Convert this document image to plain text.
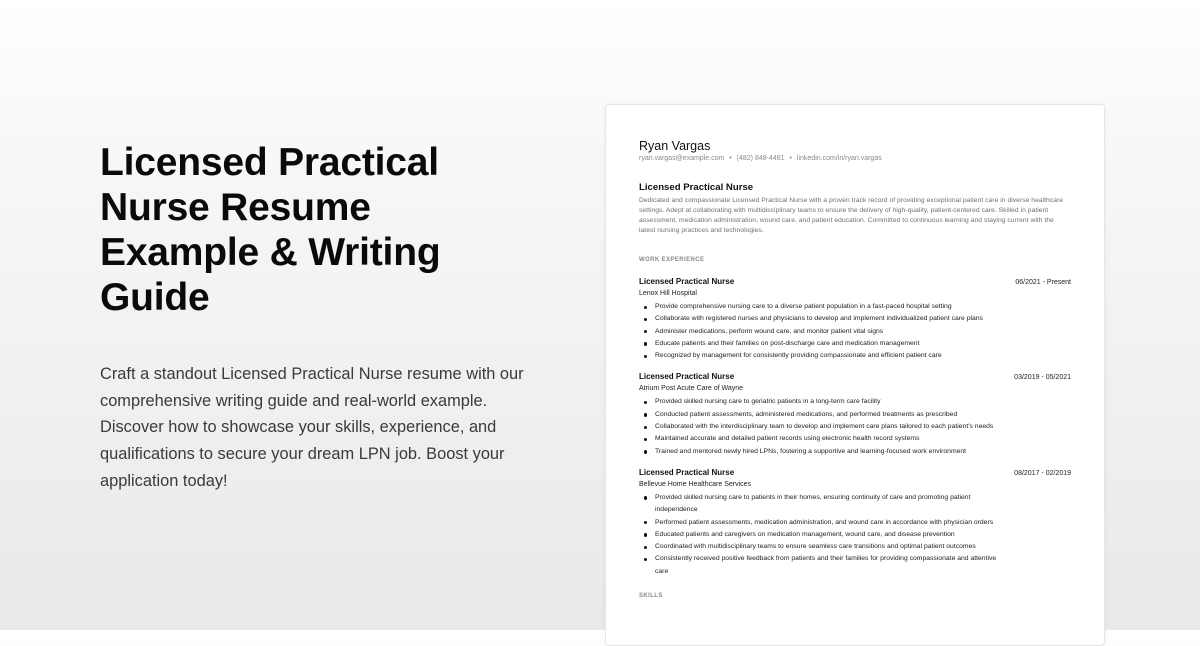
Licensed Practical Nurse Resume Example & Writing Guide

Craft a standout Licensed Practical Nurse resume with our comprehensive writing guide and real-world example. Discover how to showcase your skills, experience, and qualifications to secure your dream LPN job. Boost your application today!

Ryan Vargas
ryan.vargas@example.com • (482) 848-4481 • linkedin.com/in/ryan.vargas
Licensed Practical Nurse
Dedicated and compassionate Licensed Practical Nurse with a proven track record of providing exceptional patient care in diverse healthcare settings. Adept at collaborating with multidisciplinary teams to ensure the delivery of high-quality, patient-centered care. Skilled in patient assessment, medication administration, wound care, and patient education. Committed to continuous learning and staying current with the latest nursing practices and technologies.
WORK EXPERIENCE
Licensed Practical Nurse	06/2021 - Present
Lenox Hill Hospital
Provide comprehensive nursing care to a diverse patient population in a fast-paced hospital setting
Collaborate with registered nurses and physicians to develop and implement individualized patient care plans
Administer medications, perform wound care, and monitor patient vital signs
Educate patients and their families on post-discharge care and medication management
Recognized by management for consistently providing compassionate and efficient patient care
Licensed Practical Nurse	03/2019 - 05/2021
Atrium Post Acute Care of Wayne
Provided skilled nursing care to geriatric patients in a long-term care facility
Conducted patient assessments, administered medications, and performed treatments as prescribed
Collaborated with the interdisciplinary team to develop and implement care plans tailored to each patient's needs
Maintained accurate and detailed patient records using electronic health record systems
Trained and mentored newly hired LPNs, fostering a supportive and learning-focused work environment
Licensed Practical Nurse	08/2017 - 02/2019
Bellevue Home Healthcare Services
Provided skilled nursing care to patients in their homes, ensuring continuity of care and promoting patient independence
Performed patient assessments, medication administration, and wound care in accordance with physician orders
Educated patients and caregivers on medication management, wound care, and disease prevention
Coordinated with multidisciplinary teams to ensure seamless care transitions and optimal patient outcomes
Consistently received positive feedback from patients and their families for providing compassionate and attentive care
SKILLS
